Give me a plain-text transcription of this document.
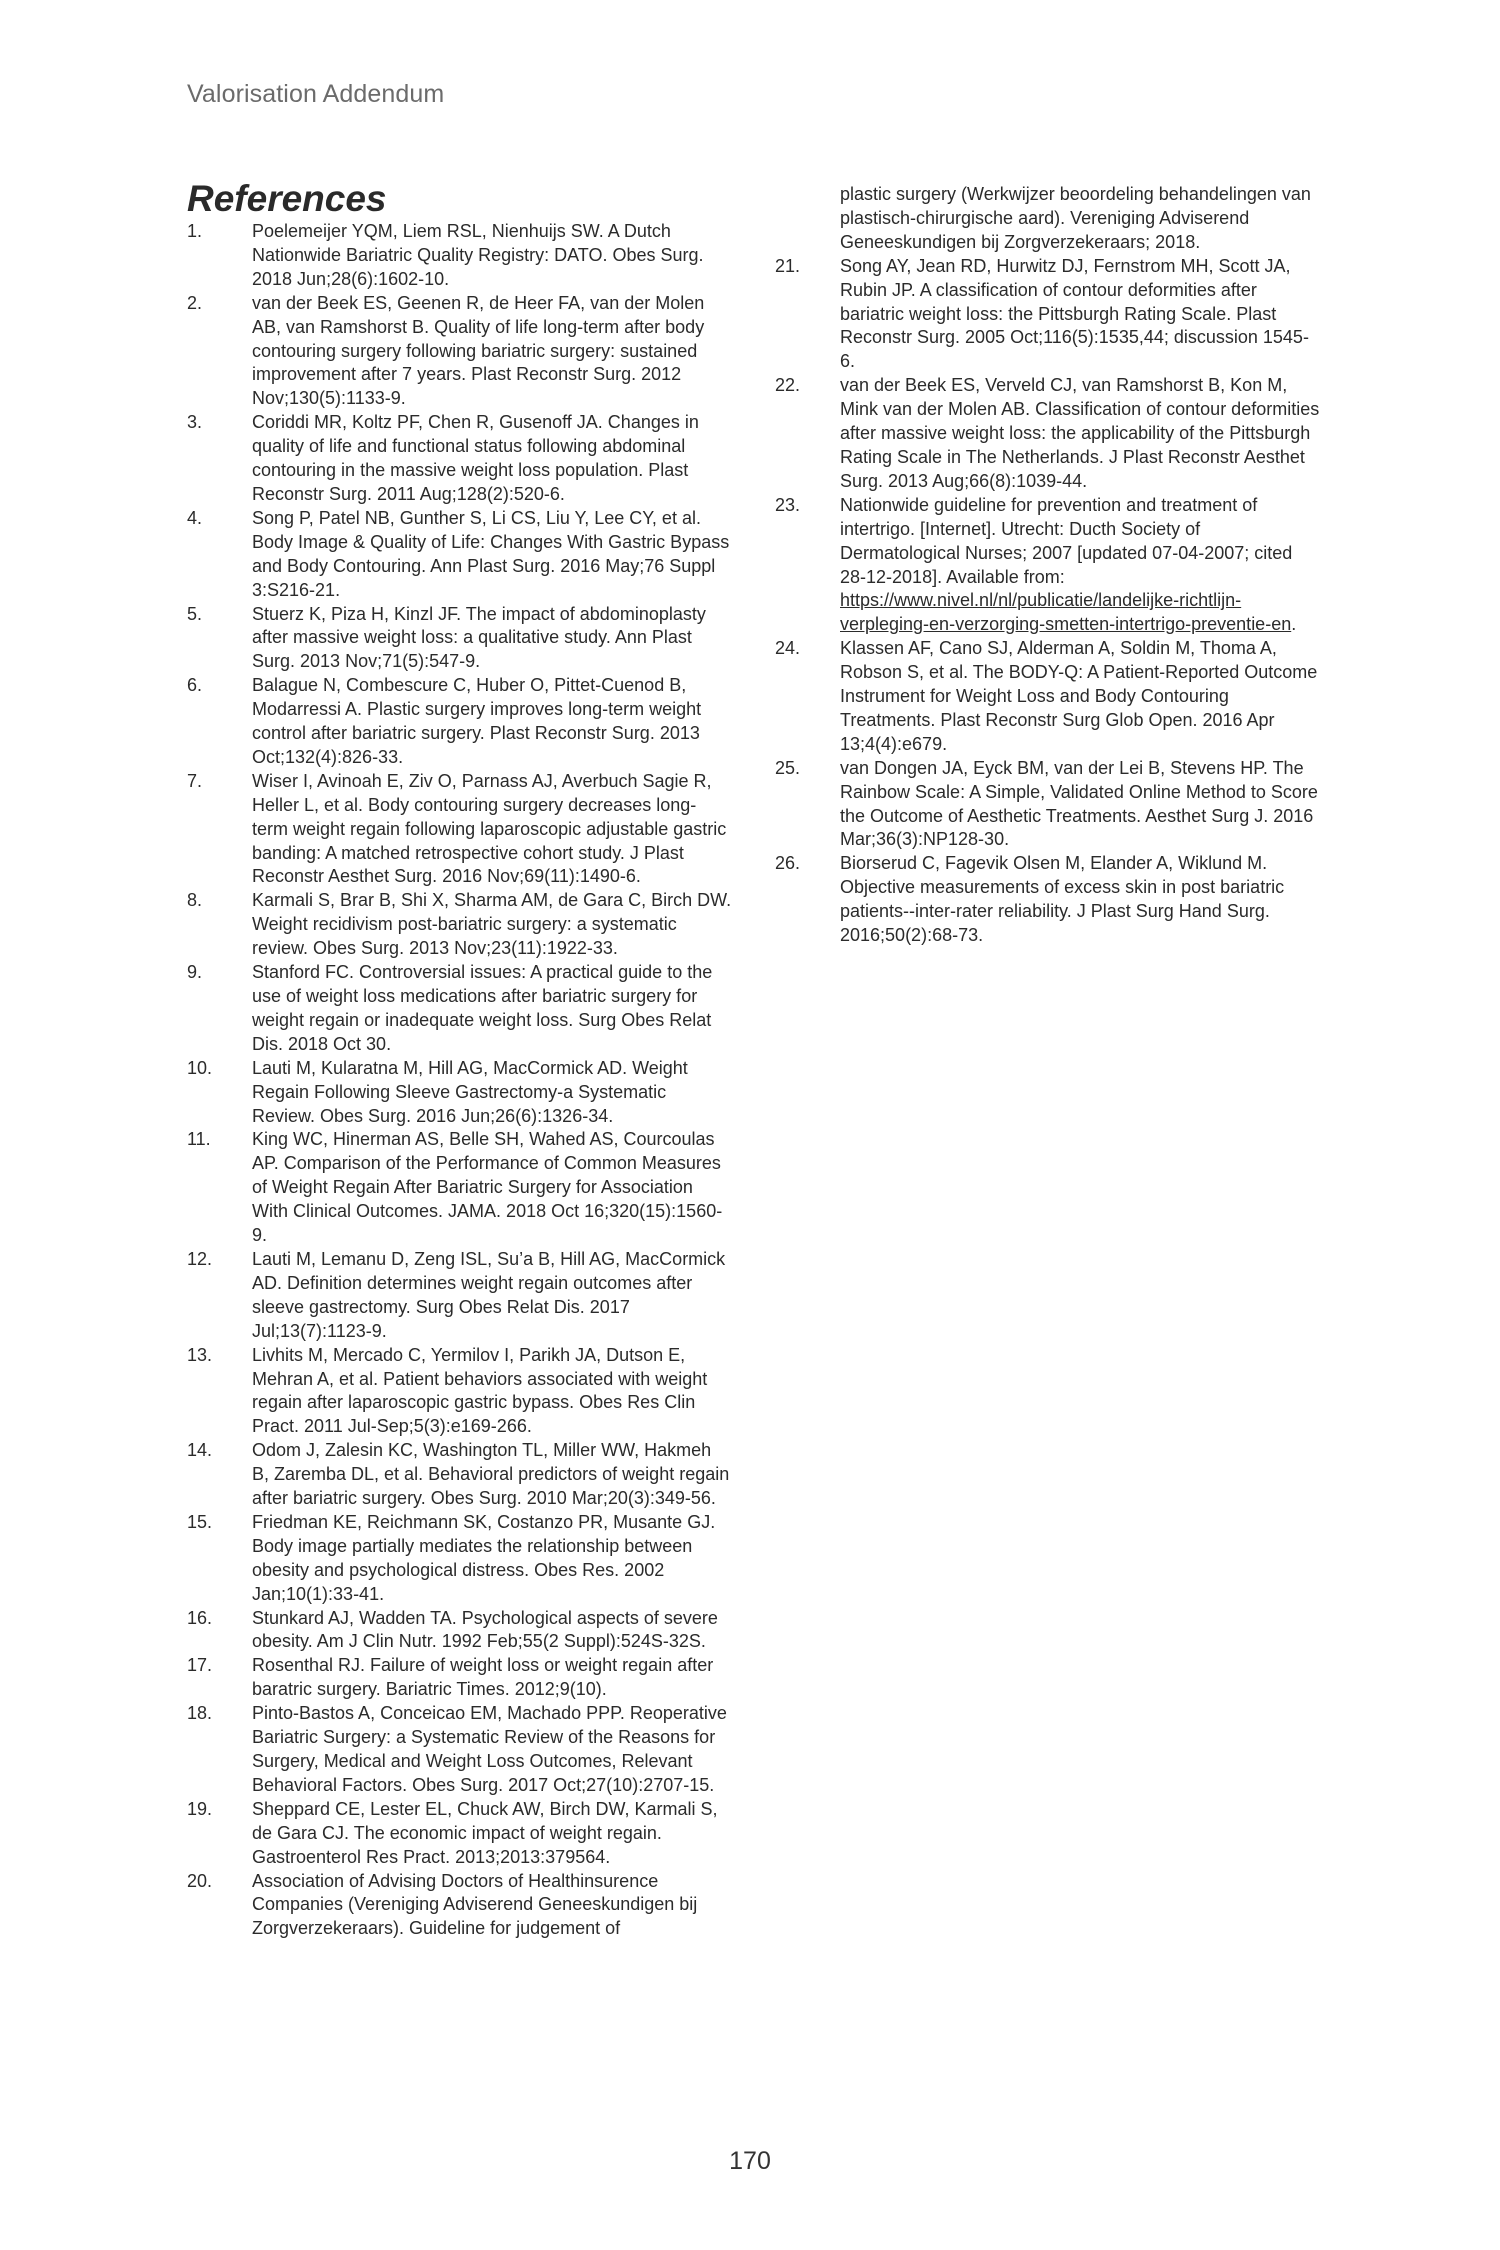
Valorisation Addendum
References
1.	Poelemeijer YQM, Liem RSL, Nienhuijs SW. A Dutch Nationwide Bariatric Quality Registry: DATO. Obes Surg. 2018 Jun;28(6):1602-10.
2.	van der Beek ES, Geenen R, de Heer FA, van der Molen AB, van Ramshorst B. Quality of life long-term after body contouring surgery following bariatric surgery: sustained improvement after 7 years. Plast Reconstr Surg. 2012 Nov;130(5):1133-9.
3.	Coriddi MR, Koltz PF, Chen R, Gusenoff JA. Changes in quality of life and functional status following abdominal contouring in the massive weight loss population. Plast Reconstr Surg. 2011 Aug;128(2):520-6.
4.	Song P, Patel NB, Gunther S, Li CS, Liu Y, Lee CY, et al. Body Image & Quality of Life: Changes With Gastric Bypass and Body Contouring. Ann Plast Surg. 2016 May;76 Suppl 3:S216-21.
5.	Stuerz K, Piza H, Kinzl JF. The impact of abdominoplasty after massive weight loss: a qualitative study. Ann Plast Surg. 2013 Nov;71(5):547-9.
6.	Balague N, Combescure C, Huber O, Pittet-Cuenod B, Modarressi A. Plastic surgery improves long-term weight control after bariatric surgery. Plast Reconstr Surg. 2013 Oct;132(4):826-33.
7.	Wiser I, Avinoah E, Ziv O, Parnass AJ, Averbuch Sagie R, Heller L, et al. Body contouring surgery decreases long-term weight regain following laparoscopic adjustable gastric banding: A matched retrospective cohort study. J Plast Reconstr Aesthet Surg. 2016 Nov;69(11):1490-6.
8.	Karmali S, Brar B, Shi X, Sharma AM, de Gara C, Birch DW. Weight recidivism post-bariatric surgery: a systematic review. Obes Surg. 2013 Nov;23(11):1922-33.
9.	Stanford FC. Controversial issues: A practical guide to the use of weight loss medications after bariatric surgery for weight regain or inadequate weight loss. Surg Obes Relat Dis. 2018 Oct 30.
10. Lauti M, Kularatna M, Hill AG, MacCormick AD. Weight Regain Following Sleeve Gastrectomy-a Systematic Review. Obes Surg. 2016 Jun;26(6):1326-34.
11. King WC, Hinerman AS, Belle SH, Wahed AS, Courcoulas AP. Comparison of the Performance of Common Measures of Weight Regain After Bariatric Surgery for Association With Clinical Outcomes. JAMA. 2018 Oct 16;320(15):1560-9.
12. Lauti M, Lemanu D, Zeng ISL, Su’a B, Hill AG, MacCormick AD. Definition determines weight regain outcomes after sleeve gastrectomy. Surg Obes Relat Dis. 2017 Jul;13(7):1123-9.
13. Livhits M, Mercado C, Yermilov I, Parikh JA, Dutson E, Mehran A, et al. Patient behaviors associated with weight regain after laparoscopic gastric bypass. Obes Res Clin Pract. 2011 Jul-Sep;5(3):e169-266.
14. Odom J, Zalesin KC, Washington TL, Miller WW, Hakmeh B, Zaremba DL, et al. Behavioral predictors of weight regain after bariatric surgery. Obes Surg. 2010 Mar;20(3):349-56.
15. Friedman KE, Reichmann SK, Costanzo PR, Musante GJ. Body image partially mediates the relationship between obesity and psychological distress. Obes Res. 2002 Jan;10(1):33-41.
16. Stunkard AJ, Wadden TA. Psychological aspects of severe obesity. Am J Clin Nutr. 1992 Feb;55(2 Suppl):524S-32S.
17. Rosenthal RJ. Failure of weight loss or weight regain after baratric surgery. Bariatric Times. 2012;9(10).
18. Pinto-Bastos A, Conceicao EM, Machado PPP. Reoperative Bariatric Surgery: a Systematic Review of the Reasons for Surgery, Medical and Weight Loss Outcomes, Relevant Behavioral Factors. Obes Surg. 2017 Oct;27(10):2707-15.
19. Sheppard CE, Lester EL, Chuck AW, Birch DW, Karmali S, de Gara CJ. The economic impact of weight regain. Gastroenterol Res Pract. 2013;2013:379564.
20. Association of Advising Doctors of Healthinsurence Companies (Vereniging Adviserend Geneeskundigen bij Zorgverzekeraars). Guideline for judgement of
plastic surgery (Werkwijzer beoordeling behandelingen van plastisch-chirurgische aard). Vereniging Adviserend Geneeskundigen bij Zorgverzekeraars; 2018.
21. Song AY, Jean RD, Hurwitz DJ, Fernstrom MH, Scott JA, Rubin JP. A classification of contour deformities after bariatric weight loss: the Pittsburgh Rating Scale. Plast Reconstr Surg. 2005 Oct;116(5):1535,44; discussion 1545-6.
22. van der Beek ES, Verveld CJ, van Ramshorst B, Kon M, Mink van der Molen AB. Classification of contour deformities after massive weight loss: the applicability of the Pittsburgh Rating Scale in The Netherlands. J Plast Reconstr Aesthet Surg. 2013 Aug;66(8):1039-44.
23. Nationwide guideline for prevention and treatment of intertrigo. [Internet]. Utrecht: Ducth Society of Dermatological Nurses; 2007 [updated 07-04-2007; cited 28-12-2018]. Available from: https://www.nivel.nl/nl/publicatie/landelijke-richtlijn-verpleging-en-verzorging-smetten-intertrigo-preventie-en.
24. Klassen AF, Cano SJ, Alderman A, Soldin M, Thoma A, Robson S, et al. The BODY-Q: A Patient-Reported Outcome Instrument for Weight Loss and Body Contouring Treatments. Plast Reconstr Surg Glob Open. 2016 Apr 13;4(4):e679.
25. van Dongen JA, Eyck BM, van der Lei B, Stevens HP. The Rainbow Scale: A Simple, Validated Online Method to Score the Outcome of Aesthetic Treatments. Aesthet Surg J. 2016 Mar;36(3):NP128-30.
26. Biorserud C, Fagevik Olsen M, Elander A, Wiklund M. Objective measurements of excess skin in post bariatric patients--inter-rater reliability. J Plast Surg Hand Surg. 2016;50(2):68-73.
170
